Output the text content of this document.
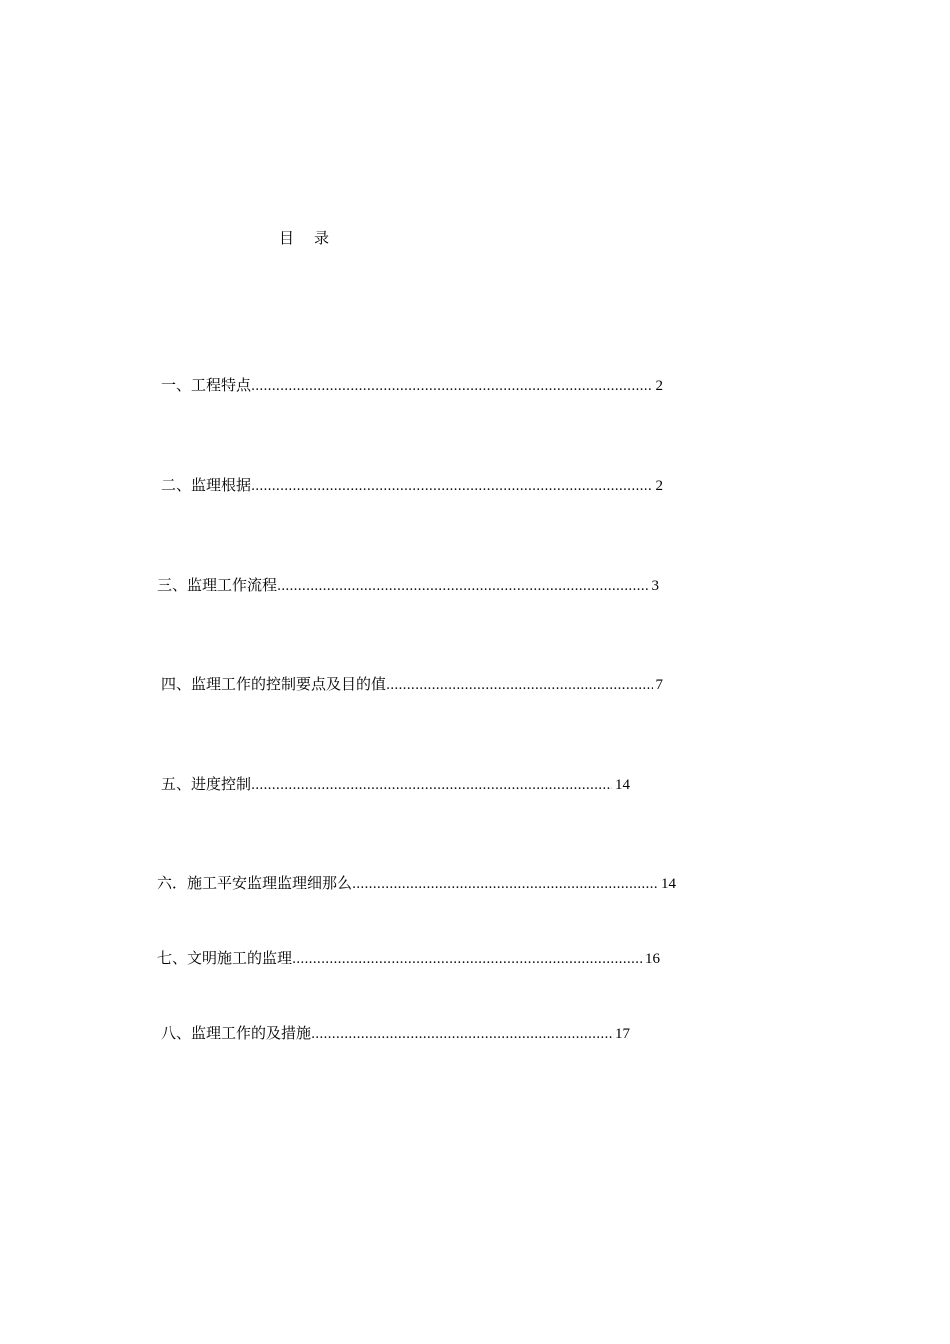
目录
一、工程特点 .....	2
二、监理根据 .....	2
三、监理工作流程 .....	3
四、监理工作的控制要点及目的值 .....	7
五、进度控制 .....	14
六．施工平安监理监理细那么 .....	14
七、文明施工的监理 .....	16
八、监理工作的及措施 .....	17
